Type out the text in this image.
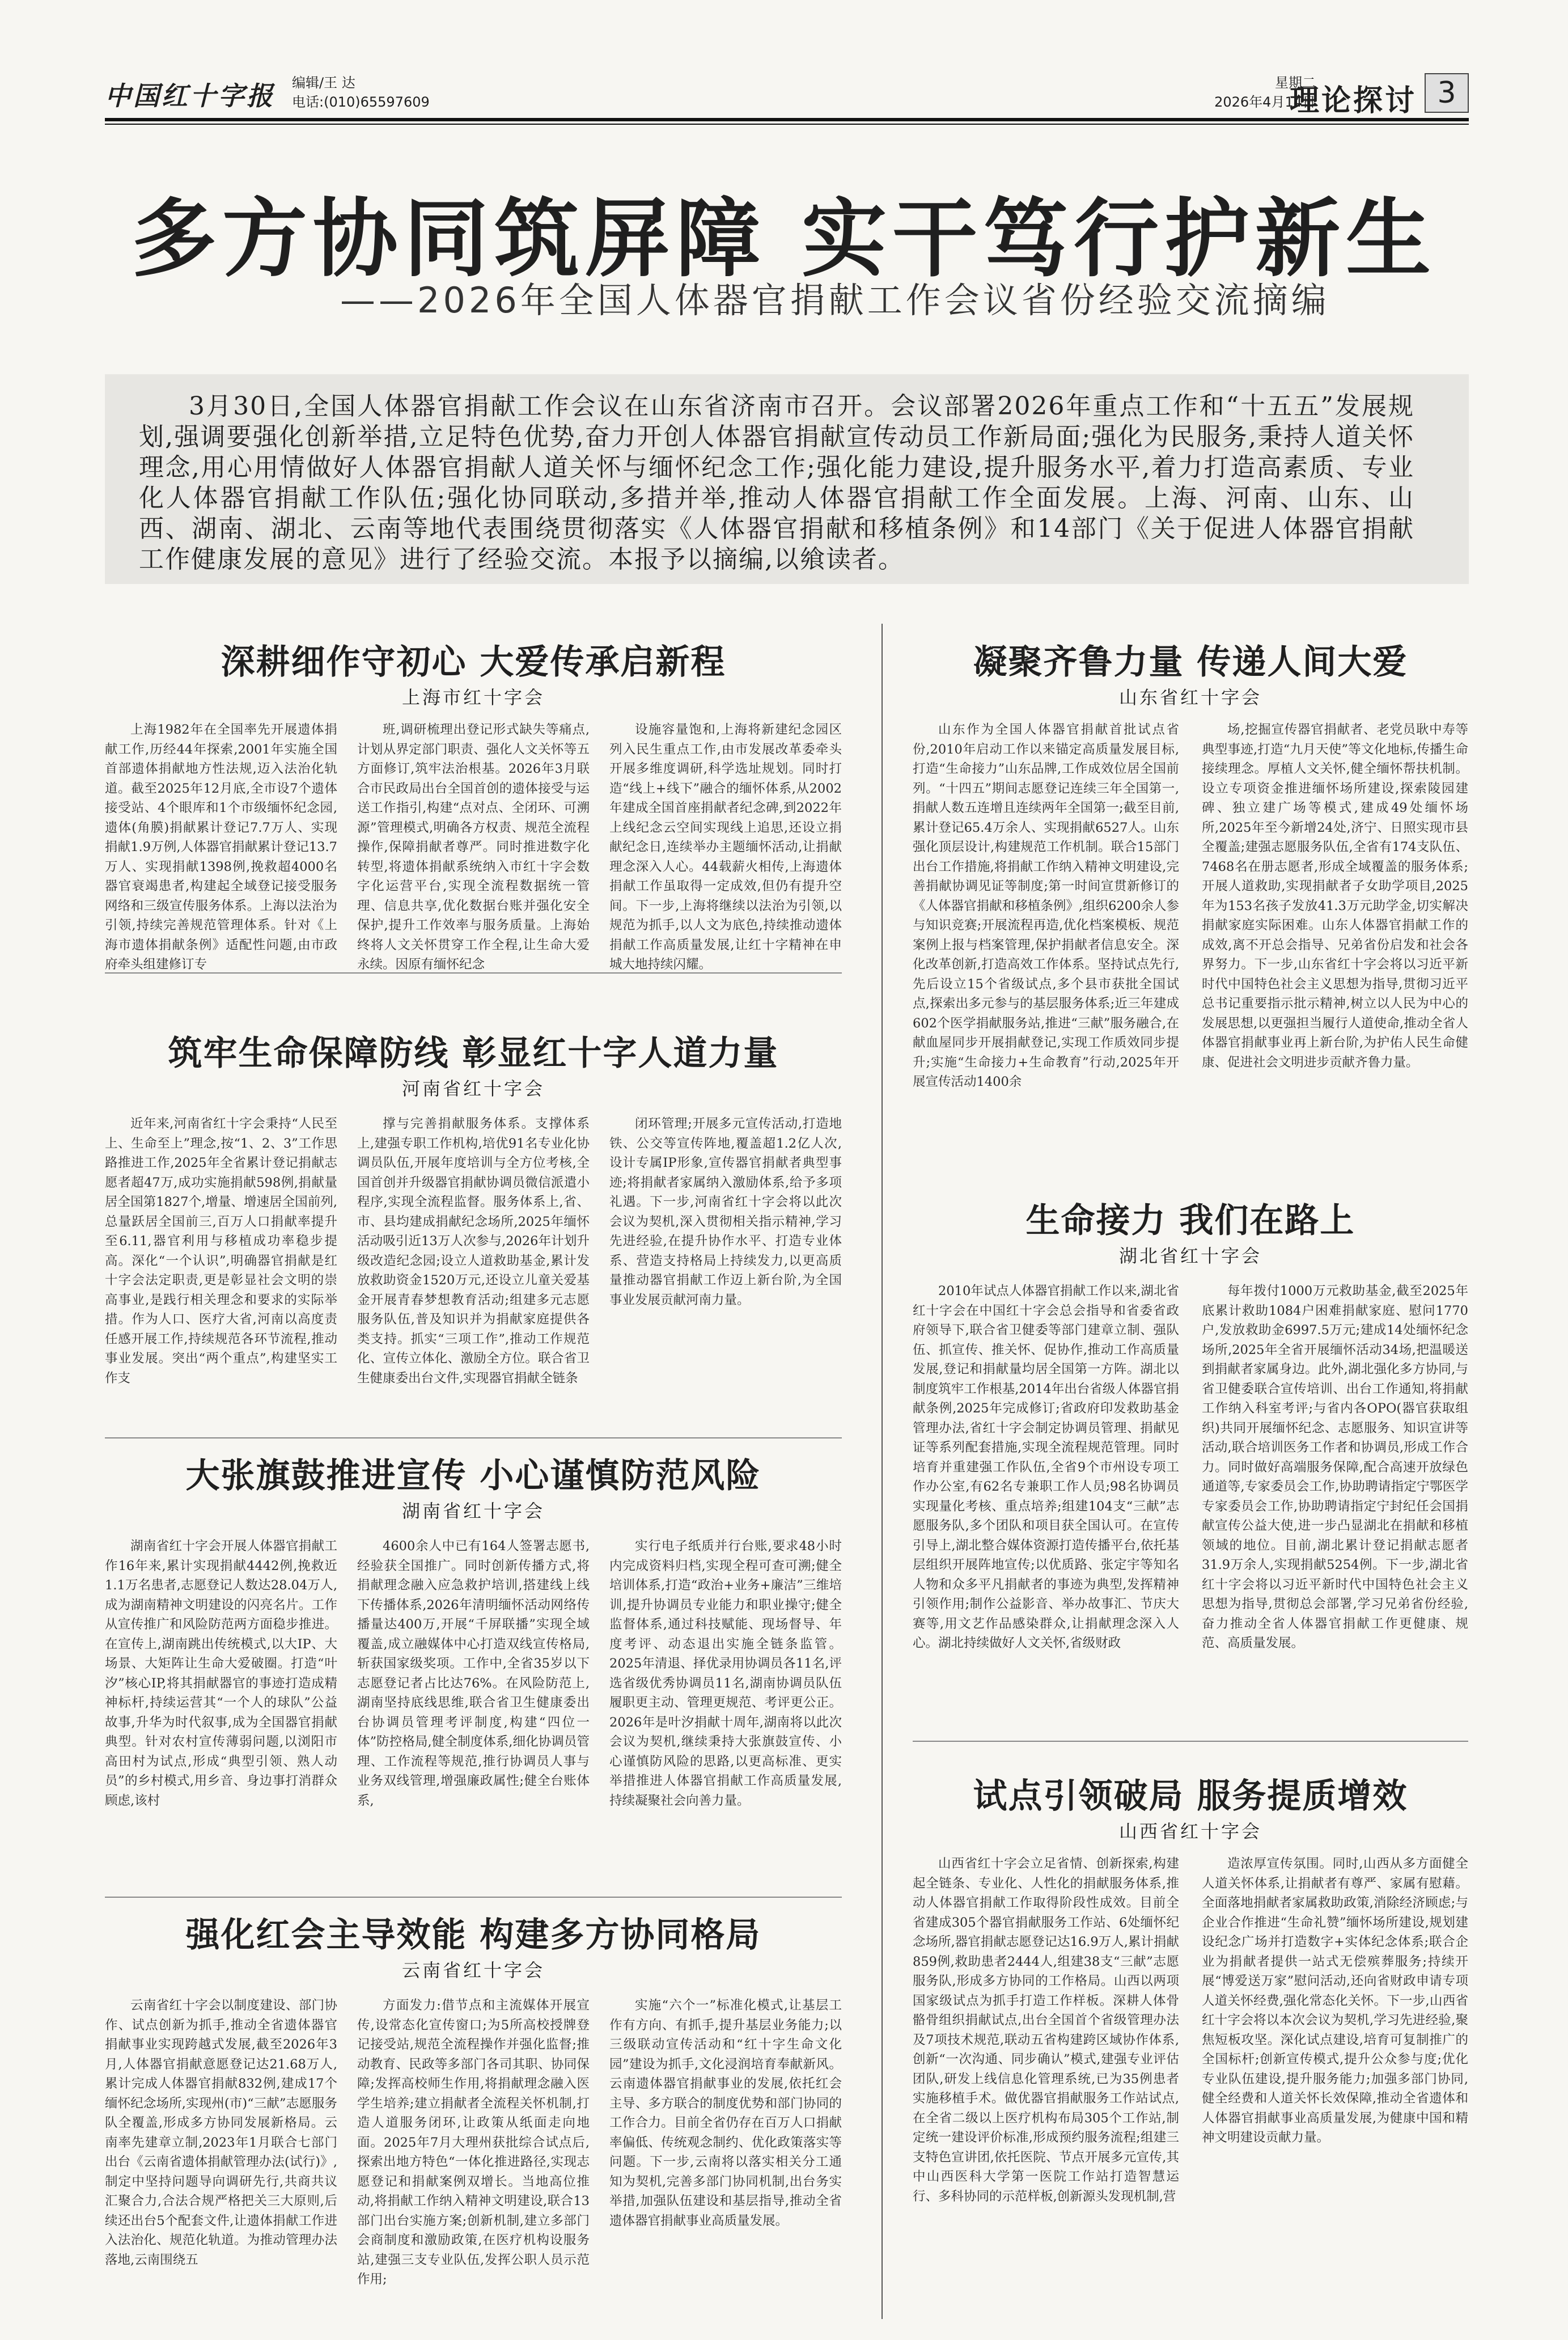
中国红十字报 编辑/王 达
电话:(010)65597609
星期二
2026年4月14日
理论探讨 3
多方协同筑屏障 实干笃行护新生
——2026年全国人体器官捐献工作会议省份经验交流摘编
3月30日,全国人体器官捐献工作会议在山东省济南市召开。会议部署2026年重点工作和“十五五”发展规划,强调要强化创新举措,立足特色优势,奋力开创人体器官捐献宣传动员工作新局面;强化为民服务,秉持人道关怀理念,用心用情做好人体器官捐献人道关怀与缅怀纪念工作;强化能力建设,提升服务水平,着力打造高素质、专业化人体器官捐献工作队伍;强化协同联动,多措并举,推动人体器官捐献工作全面发展。上海、河南、山东、山西、湖南、湖北、云南等地代表围绕贯彻落实《人体器官捐献和移植条例》和14部门《关于促进人体器官捐献工作健康发展的意见》进行了经验交流。本报予以摘编,以飨读者。
深耕细作守初心 大爱传承启新程
上海市红十字会
上海1982年在全国率先开展遗体捐献工作,历经44年探索,2001年实施全国首部遗体捐献地方性法规,迈入法治化轨道。截至2025年12月底,全市设7个遗体接受站、4个眼库和1个市级缅怀纪念园,遗体(角膜)捐献累计登记7.7万人、实现捐献1.9万例,人体器官捐献累计登记13.7万人、实现捐献1398例,挽救超4000名器官衰竭患者,构建起全域登记接受服务网络和三级宣传服务体系。上海以法治为引领,持续完善规范管理体系。针对《上海市遗体捐献条例》适配性问题,由市政府牵头组建修订专
班,调研梳理出登记形式缺失等痛点,计划从界定部门职责、强化人文关怀等五方面修订,筑牢法治根基。2026年3月联合市民政局出台全国首创的遗体接受与运送工作指引,构建“点对点、全闭环、可溯源”管理模式,明确各方权责、规范全流程操作,保障捐献者尊严。同时推进数字化转型,将遗体捐献系统纳入市红十字会数字化运营平台,实现全流程数据统一管理、信息共享,优化数据台账并强化安全保护,提升工作效率与服务质量。上海始终将人文关怀贯穿工作全程,让生命大爱永续。因原有缅怀纪念
设施容量饱和,上海将新建纪念园区列入民生重点工作,由市发展改革委牵头开展多维度调研,科学选址规划。同时打造“线上+线下”融合的缅怀体系,从2002年建成全国首座捐献者纪念碑,到2022年上线纪念云空间实现线上追思,还设立捐献纪念日,连续举办主题缅怀活动,让捐献理念深入人心。44载薪火相传,上海遗体捐献工作虽取得一定成效,但仍有提升空间。下一步,上海将继续以法治为引领,以规范为抓手,以人文为底色,持续推动遗体捐献工作高质量发展,让红十字精神在申城大地持续闪耀。
筑牢生命保障防线 彰显红十字人道力量
河南省红十字会
近年来,河南省红十字会秉持“人民至上、生命至上”理念,按“1、2、3”工作思路推进工作,2025年全省累计登记捐献志愿者超47万,成功实施捐献598例,捐献量居全国第1827个,增量、增速居全国前列,总量跃居全国前三,百万人口捐献率提升至6.11,器官利用与移植成功率稳步提高。深化“一个认识”,明确器官捐献是红十字会法定职责,更是彰显社会文明的崇高事业,是践行相关理念和要求的实际举措。作为人口、医疗大省,河南以高度责任感开展工作,持续规范各环节流程,推动事业发展。突出“两个重点”,构建坚实工作支
撑与完善捐献服务体系。支撑体系上,建强专职工作机构,培优91名专业化协调员队伍,开展年度培训与全方位考核,全国首创并升级器官捐献协调员微信派遣小程序,实现全流程监督。服务体系上,省、市、县均建成捐献纪念场所,2025年缅怀活动吸引近13万人次参与,2026年计划升级改造纪念园;设立人道救助基金,累计发放救助资金1520万元,还设立儿童关爱基金开展青春梦想教育活动;组建多元志愿服务队伍,普及知识并为捐献家庭提供各类支持。抓实“三项工作”,推动工作规范化、宣传立体化、激励全方位。联合省卫生健康委出台文件,实现器官捐献全链条
闭环管理;开展多元宣传活动,打造地铁、公交等宣传阵地,覆盖超1.2亿人次,设计专属IP形象,宣传器官捐献者典型事迹;将捐献者家属纳入激励体系,给予多项礼遇。下一步,河南省红十字会将以此次会议为契机,深入贯彻相关指示精神,学习先进经验,在提升协作水平、打造专业体系、营造支持格局上持续发力,以更高质量推动器官捐献工作迈上新台阶,为全国事业发展贡献河南力量。
大张旗鼓推进宣传 小心谨慎防范风险
湖南省红十字会
湖南省红十字会开展人体器官捐献工作16年来,累计实现捐献4442例,挽救近1.1万名患者,志愿登记人数达28.04万人,成为湖南精神文明建设的闪亮名片。工作从宣传推广和风险防范两方面稳步推进。在宣传上,湖南跳出传统模式,以大IP、大场景、大矩阵让生命大爱破圈。打造“叶汐”核心IP,将其捐献器官的事迹打造成精神标杆,持续运营其“一个人的球队”公益故事,升华为时代叙事,成为全国器官捐献典型。针对农村宣传薄弱问题,以浏阳市高田村为试点,形成“典型引领、熟人动员”的乡村模式,用乡音、身边事打消群众顾虑,该村
4600余人中已有164人签署志愿书,经验获全国推广。同时创新传播方式,将捐献理念融入应急救护培训,搭建线上线下传播体系,2026年清明缅怀活动网络传播量达400万,开展“千屏联播”实现全域覆盖,成立融媒体中心打造双线宣传格局,斩获国家级奖项。工作中,全省35岁以下志愿登记者占比达76%。在风险防范上,湖南坚持底线思维,联合省卫生健康委出台协调员管理考评制度,构建“四位一体”防控格局,健全制度体系,细化协调员管理、工作流程等规范,推行协调员人事与业务双线管理,增强廉政属性;健全台账体系,
实行电子纸质并行台账,要求48小时内完成资料归档,实现全程可查可溯;健全培训体系,打造“政治+业务+廉洁”三维培训,提升协调员专业能力和职业操守;健全监督体系,通过科技赋能、现场督导、年度考评、动态退出实施全链条监管。2025年清退、择优录用协调员各11名,评选省级优秀协调员11名,湖南协调员队伍履职更主动、管理更规范、考评更公正。2026年是叶汐捐献十周年,湖南将以此次会议为契机,继续秉持大张旗鼓宣传、小心谨慎防风险的思路,以更高标准、更实举措推进人体器官捐献工作高质量发展,持续凝聚社会向善力量。
强化红会主导效能 构建多方协同格局
云南省红十字会
云南省红十字会以制度建设、部门协作、试点创新为抓手,推动全省遗体器官捐献事业实现跨越式发展,截至2026年3月,人体器官捐献意愿登记达21.68万人,累计完成人体器官捐献832例,建成17个缅怀纪念场所,实现州(市)“三献”志愿服务队全覆盖,形成多方协同发展新格局。云南率先建章立制,2023年1月联合七部门出台《云南省遗体捐献管理办法(试行)》,制定中坚持问题导向调研先行,共商共议汇聚合力,合法合规严格把关三大原则,后续还出台5个配套文件,让遗体捐献工作进入法治化、规范化轨道。为推动管理办法落地,云南围绕五
方面发力:借节点和主流媒体开展宣传,设常态化宣传窗口;为5所高校授牌登记接受站,规范全流程操作并强化监督;推动教育、民政等多部门各司其职、协同保障;发挥高校师生作用,将捐献理念融入医学生培养;建立捐献者全流程关怀机制,打造人道服务闭环,让政策从纸面走向地面。2025年7月大理州获批综合试点后,探索出地方特色“一体化推进路径,实现志愿登记和捐献案例双增长。当地高位推动,将捐献工作纳入精神文明建设,联合13部门出台实施方案;创新机制,建立多部门会商制度和激励政策,在医疗机构设服务站,建强三支专业队伍,发挥公职人员示范作用;
实施“六个一”标准化模式,让基层工作有方向、有抓手,提升基层业务能力;以三级联动宣传活动和“红十字生命文化园”建设为抓手,文化浸润培育奉献新风。云南遗体器官捐献事业的发展,依托红会主导、多方联合的制度优势和部门协同的工作合力。目前全省仍存在百万人口捐献率偏低、传统观念制约、优化政策落实等问题。下一步,云南将以落实相关分工通知为契机,完善多部门协同机制,出台务实举措,加强队伍建设和基层指导,推动全省遗体器官捐献事业高质量发展。
凝聚齐鲁力量 传递人间大爱
山东省红十字会
山东作为全国人体器官捐献首批试点省份,2010年启动工作以来锚定高质量发展目标,打造“生命接力”山东品牌,工作成效位居全国前列。“十四五”期间志愿登记连续三年全国第一,捐献人数五连增且连续两年全国第一;截至目前,累计登记65.4万余人、实现捐献6527人。山东强化顶层设计,构建规范工作机制。联合15部门出台工作措施,将捐献工作纳入精神文明建设,完善捐献协调见证等制度;第一时间宣贯新修订的《人体器官捐献和移植条例》,组织6200余人参与知识竞赛;开展流程再造,优化档案模板、规范案例上报与档案管理,保护捐献者信息安全。深化改革创新,打造高效工作体系。坚持试点先行,先后设立15个省级试点,多个县市获批全国试点,探索出多元参与的基层服务体系;近三年建成602个医学捐献服务站,推进“三献”服务融合,在献血屋同步开展捐献登记,实现工作质效同步提升;实施“生命接力+生命教育”行动,2025年开展宣传活动1400余
场,挖掘宣传器官捐献者、老党员耿中寿等典型事迹,打造“九月天使”等文化地标,传播生命接续理念。厚植人文关怀,健全缅怀帮扶机制。设立专项资金推进缅怀场所建设,探索陵园建碑、独立建广场等模式,建成49处缅怀场所,2025年至今新增24处,济宁、日照实现市县全覆盖;建强志愿服务队伍,全省有174支队伍、7468名在册志愿者,形成全域覆盖的服务体系;开展人道救助,实现捐献者子女助学项目,2025年为153名孩子发放41.3万元助学金,切实解决捐献家庭实际困难。山东人体器官捐献工作的成效,离不开总会指导、兄弟省份启发和社会各界努力。下一步,山东省红十字会将以习近平新时代中国特色社会主义思想为指导,贯彻习近平总书记重要指示批示精神,树立以人民为中心的发展思想,以更强担当履行人道使命,推动全省人体器官捐献事业再上新台阶,为护佑人民生命健康、促进社会文明进步贡献齐鲁力量。
生命接力 我们在路上
湖北省红十字会
2010年试点人体器官捐献工作以来,湖北省红十字会在中国红十字会总会指导和省委省政府领导下,联合省卫健委等部门建章立制、强队伍、抓宣传、推关怀、促协作,推动工作高质量发展,登记和捐献量均居全国第一方阵。湖北以制度筑牢工作根基,2014年出台省级人体器官捐献条例,2025年完成修订;省政府印发救助基金管理办法,省红十字会制定协调员管理、捐献见证等系列配套措施,实现全流程规范管理。同时培育并重建强工作队伍,全省9个市州设专项工作办公室,有62名专兼职工作人员;98名协调员实现量化考核、重点培养;组建104支“三献”志愿服务队,多个团队和项目获全国认可。在宣传引导上,湖北整合媒体资源打造传播平台,依托基层组织开展阵地宣传;以优质路、张定宇等知名人物和众多平凡捐献者的事迹为典型,发挥精神引领作用;制作公益影音、举办故事汇、节庆大赛等,用文艺作品感染群众,让捐献理念深入人心。湖北持续做好人文关怀,省级财政
每年拨付1000万元救助基金,截至2025年底累计救助1084户困难捐献家庭、慰问1770户,发放救助金6997.5万元;建成14处缅怀纪念场所,2025年全省开展缅怀活动34场,把温暖送到捐献者家属身边。此外,湖北强化多方协同,与省卫健委联合宣传培训、出台工作通知,将捐献工作纳入科室考评;与省内各OPO(器官获取组织)共同开展缅怀纪念、志愿服务、知识宣讲等活动,联合培训医务工作者和协调员,形成工作合力。同时做好高端服务保障,配合高速开放绿色通道等,专家委员会工作,协助聘请指定宁鄂医学专家委员会工作,协助聘请指定宁封纪任会国捐献宣传公益大使,进一步凸显湖北在捐献和移植领域的地位。目前,湖北累计登记捐献志愿者31.9万余人,实现捐献5254例。下一步,湖北省红十字会将以习近平新时代中国特色社会主义思想为指导,贯彻总会部署,学习兄弟省份经验,奋力推动全省人体器官捐献工作更健康、规范、高质量发展。
试点引领破局 服务提质增效
山西省红十字会
山西省红十字会立足省情、创新探索,构建起全链条、专业化、人性化的捐献服务体系,推动人体器官捐献工作取得阶段性成效。目前全省建成305个器官捐献服务工作站、6处缅怀纪念场所,器官捐献志愿登记达16.9万人,累计捐献859例,救助患者2444人,组建38支“三献”志愿服务队,形成多方协同的工作格局。山西以两项国家级试点为抓手打造工作样板。深耕人体骨骼骨组织捐献试点,出台全国首个省级管理办法及7项技术规范,联动五省构建跨区域协作体系,创新“一次沟通、同步确认”模式,建强专业评估团队,研发上线信息化管理系统,已为35例患者实施移植手术。做优器官捐献服务工作站试点,在全省二级以上医疗机构布局305个工作站,制定统一建设评价标准,形成预约服务流程;组建三支特色宣讲团,依托医院、节点开展多元宣传,其中山西医科大学第一医院工作站打造智慧运行、多科协同的示范样板,创新源头发现机制,营
造浓厚宣传氛围。同时,山西从多方面健全人道关怀体系,让捐献者有尊严、家属有慰藉。全面落地捐献者家属救助政策,消除经济顾虑;与企业合作推进“生命礼赞”缅怀场所建设,规划建设纪念广场并打造数字+实体纪念体系;联合企业为捐献者提供一站式无偿殡葬服务;持续开展“博爱送万家”慰问活动,还向省财政申请专项人道关怀经费,强化常态化关怀。下一步,山西省红十字会将以本次会议为契机,学习先进经验,聚焦短板攻坚。深化试点建设,培育可复制推广的全国标杆;创新宣传模式,提升公众参与度;优化专业队伍建设,提升服务能力;加强多部门协同,健全经费和人道关怀长效保障,推动全省遗体和人体器官捐献事业高质量发展,为健康中国和精神文明建设贡献力量。
